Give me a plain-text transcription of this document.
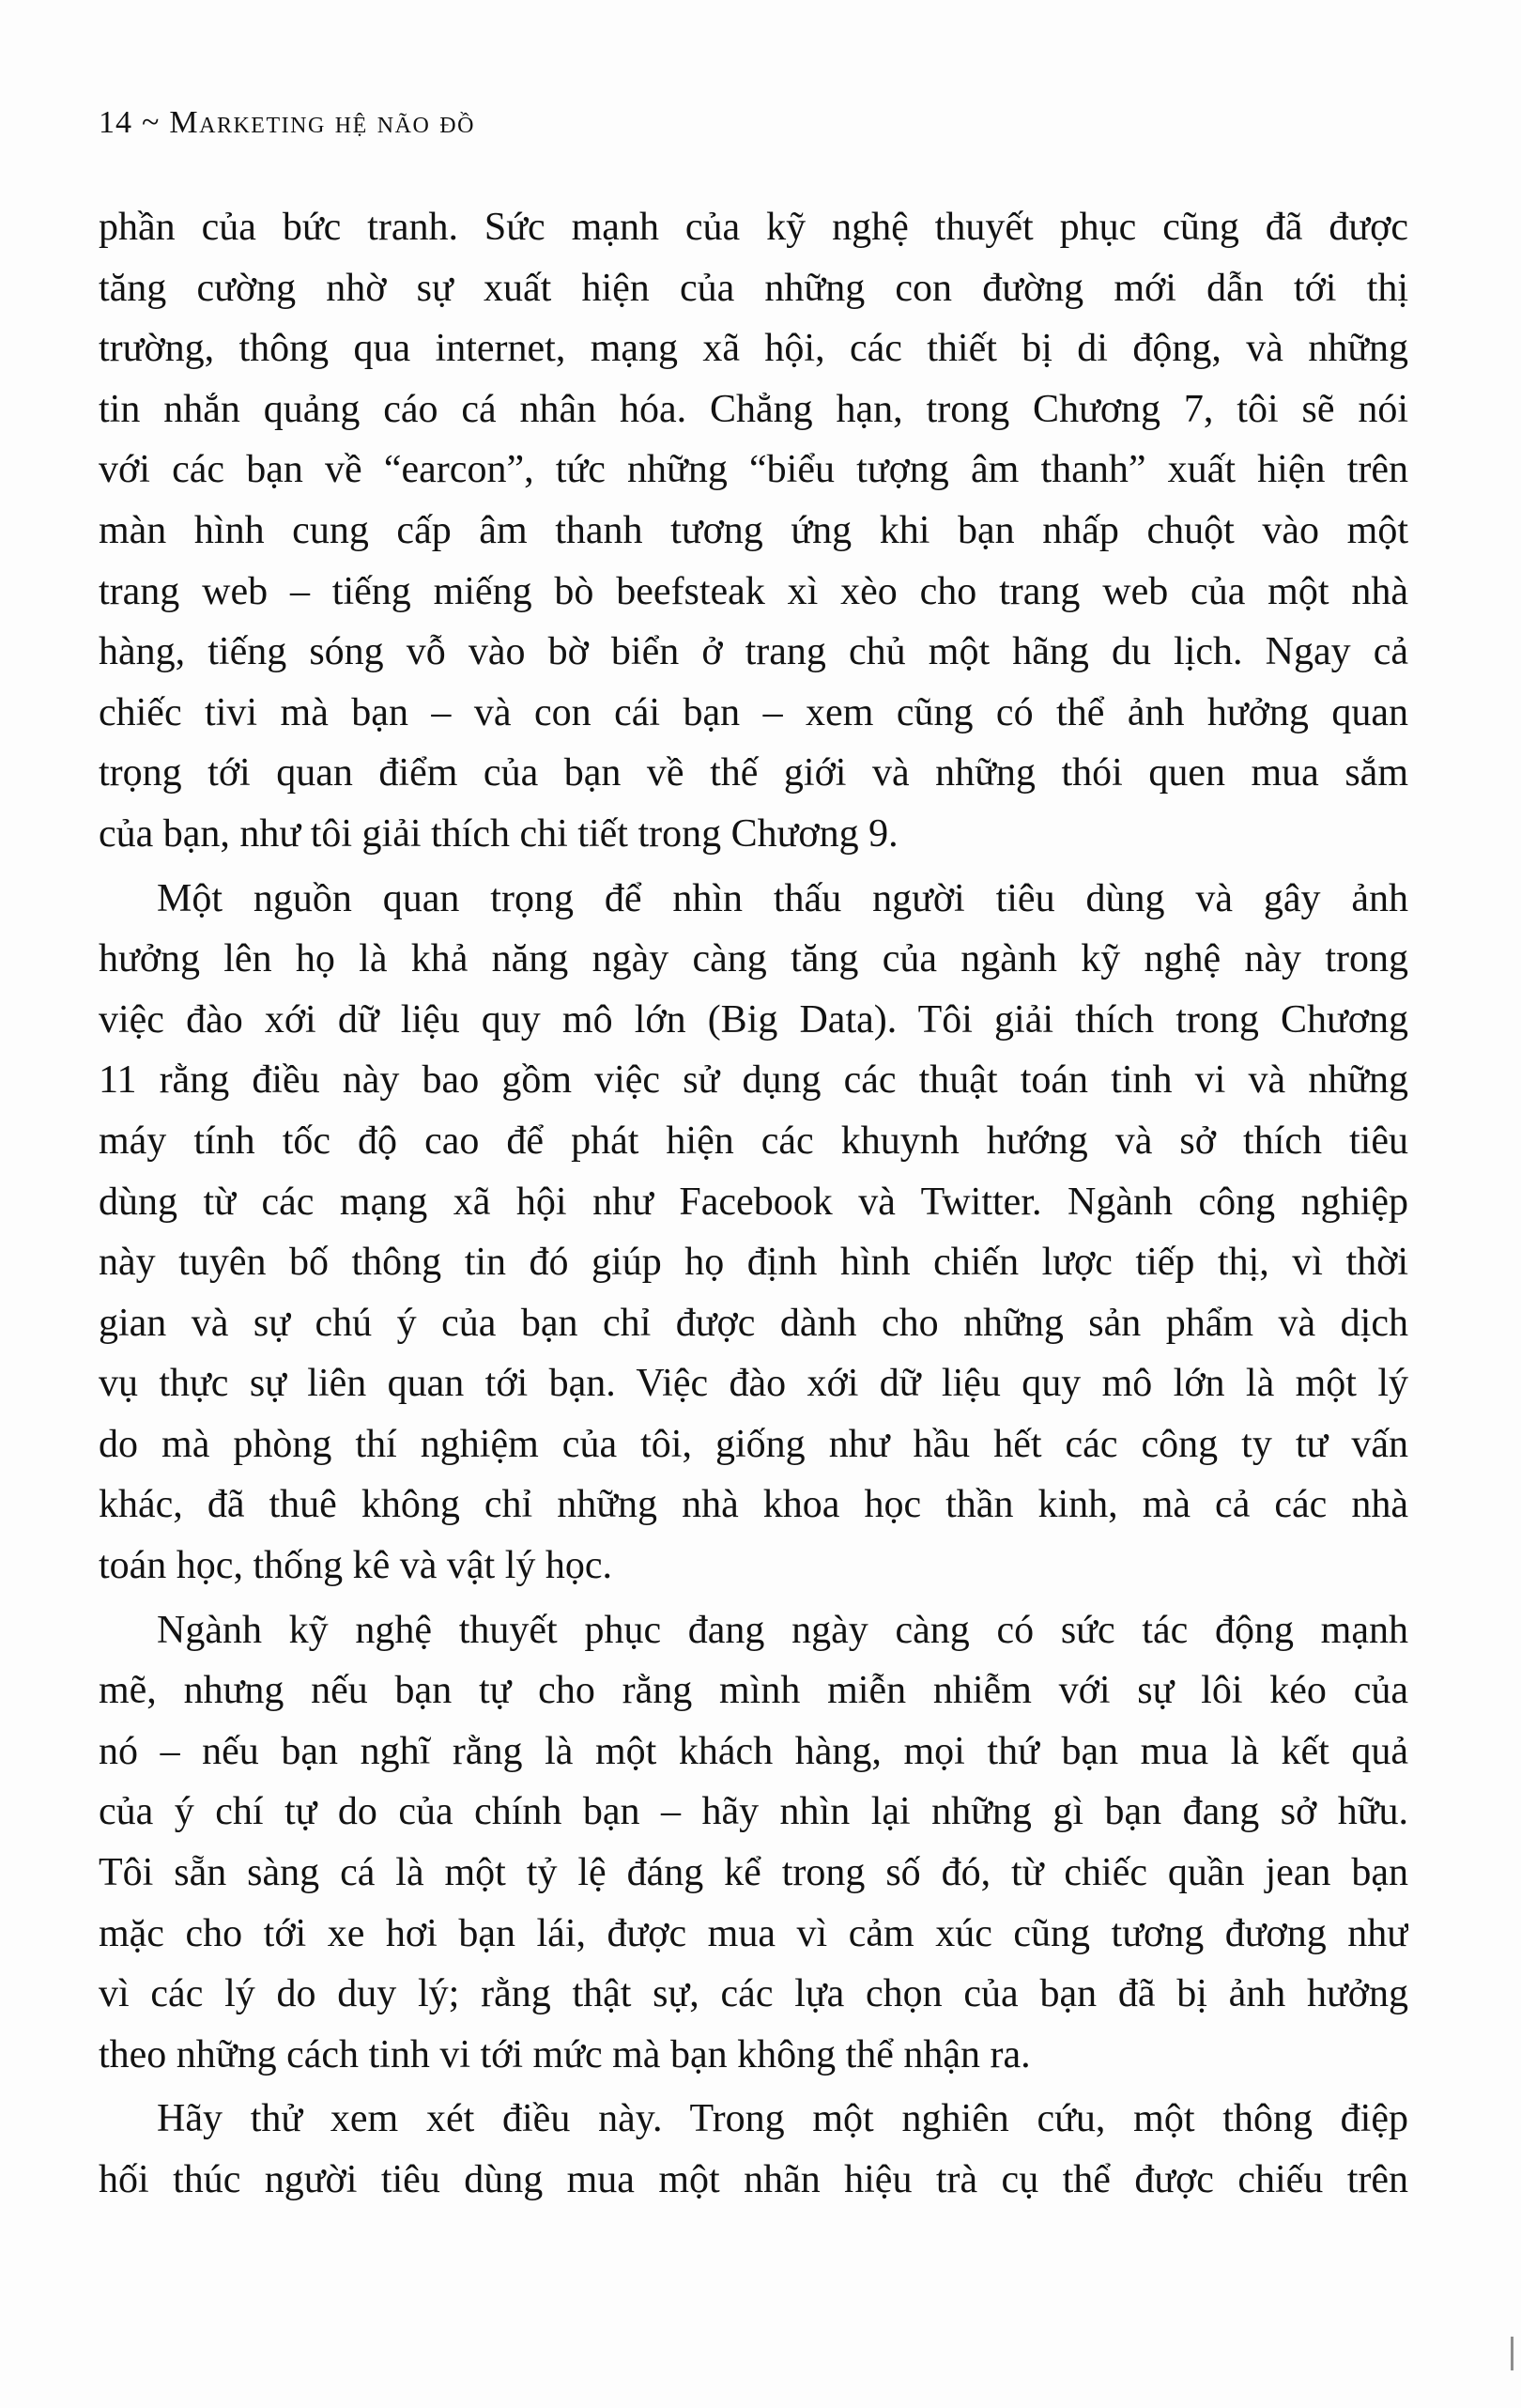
14 ~ Marketing hệ não đồ
phần của bức tranh. Sức mạnh của kỹ nghệ thuyết phục cũng đã được
tăng cường nhờ sự xuất hiện của những con đường mới dẫn tới thị
trường, thông qua internet, mạng xã hội, các thiết bị di động, và những
tin nhắn quảng cáo cá nhân hóa. Chẳng hạn, trong Chương 7, tôi sẽ nói
với các bạn về “earcon”, tức những “biểu tượng âm thanh” xuất hiện trên
màn hình cung cấp âm thanh tương ứng khi bạn nhấp chuột vào một
trang web – tiếng miếng bò beefsteak xì xèo cho trang web của một nhà
hàng, tiếng sóng vỗ vào bờ biển ở trang chủ một hãng du lịch. Ngay cả
chiếc tivi mà bạn – và con cái bạn – xem cũng có thể ảnh hưởng quan
trọng tới quan điểm của bạn về thế giới và những thói quen mua sắm
của bạn, như tôi giải thích chi tiết trong Chương 9.
Một nguồn quan trọng để nhìn thấu người tiêu dùng và gây ảnh
hưởng lên họ là khả năng ngày càng tăng của ngành kỹ nghệ này trong
việc đào xới dữ liệu quy mô lớn (Big Data). Tôi giải thích trong Chương
11 rằng điều này bao gồm việc sử dụng các thuật toán tinh vi và những
máy tính tốc độ cao để phát hiện các khuynh hướng và sở thích tiêu
dùng từ các mạng xã hội như Facebook và Twitter. Ngành công nghiệp
này tuyên bố thông tin đó giúp họ định hình chiến lược tiếp thị, vì thời
gian và sự chú ý của bạn chỉ được dành cho những sản phẩm và dịch
vụ thực sự liên quan tới bạn. Việc đào xới dữ liệu quy mô lớn là một lý
do mà phòng thí nghiệm của tôi, giống như hầu hết các công ty tư vấn
khác, đã thuê không chỉ những nhà khoa học thần kinh, mà cả các nhà
toán học, thống kê và vật lý học.
Ngành kỹ nghệ thuyết phục đang ngày càng có sức tác động mạnh
mẽ, nhưng nếu bạn tự cho rằng mình miễn nhiễm với sự lôi kéo của
nó – nếu bạn nghĩ rằng là một khách hàng, mọi thứ bạn mua là kết quả
của ý chí tự do của chính bạn – hãy nhìn lại những gì bạn đang sở hữu.
Tôi sẵn sàng cá là một tỷ lệ đáng kể trong số đó, từ chiếc quần jean bạn
mặc cho tới xe hơi bạn lái, được mua vì cảm xúc cũng tương đương như
vì các lý do duy lý; rằng thật sự, các lựa chọn của bạn đã bị ảnh hưởng
theo những cách tinh vi tới mức mà bạn không thể nhận ra.
Hãy thử xem xét điều này. Trong một nghiên cứu, một thông điệp
hối thúc người tiêu dùng mua một nhãn hiệu trà cụ thể được chiếu trên
